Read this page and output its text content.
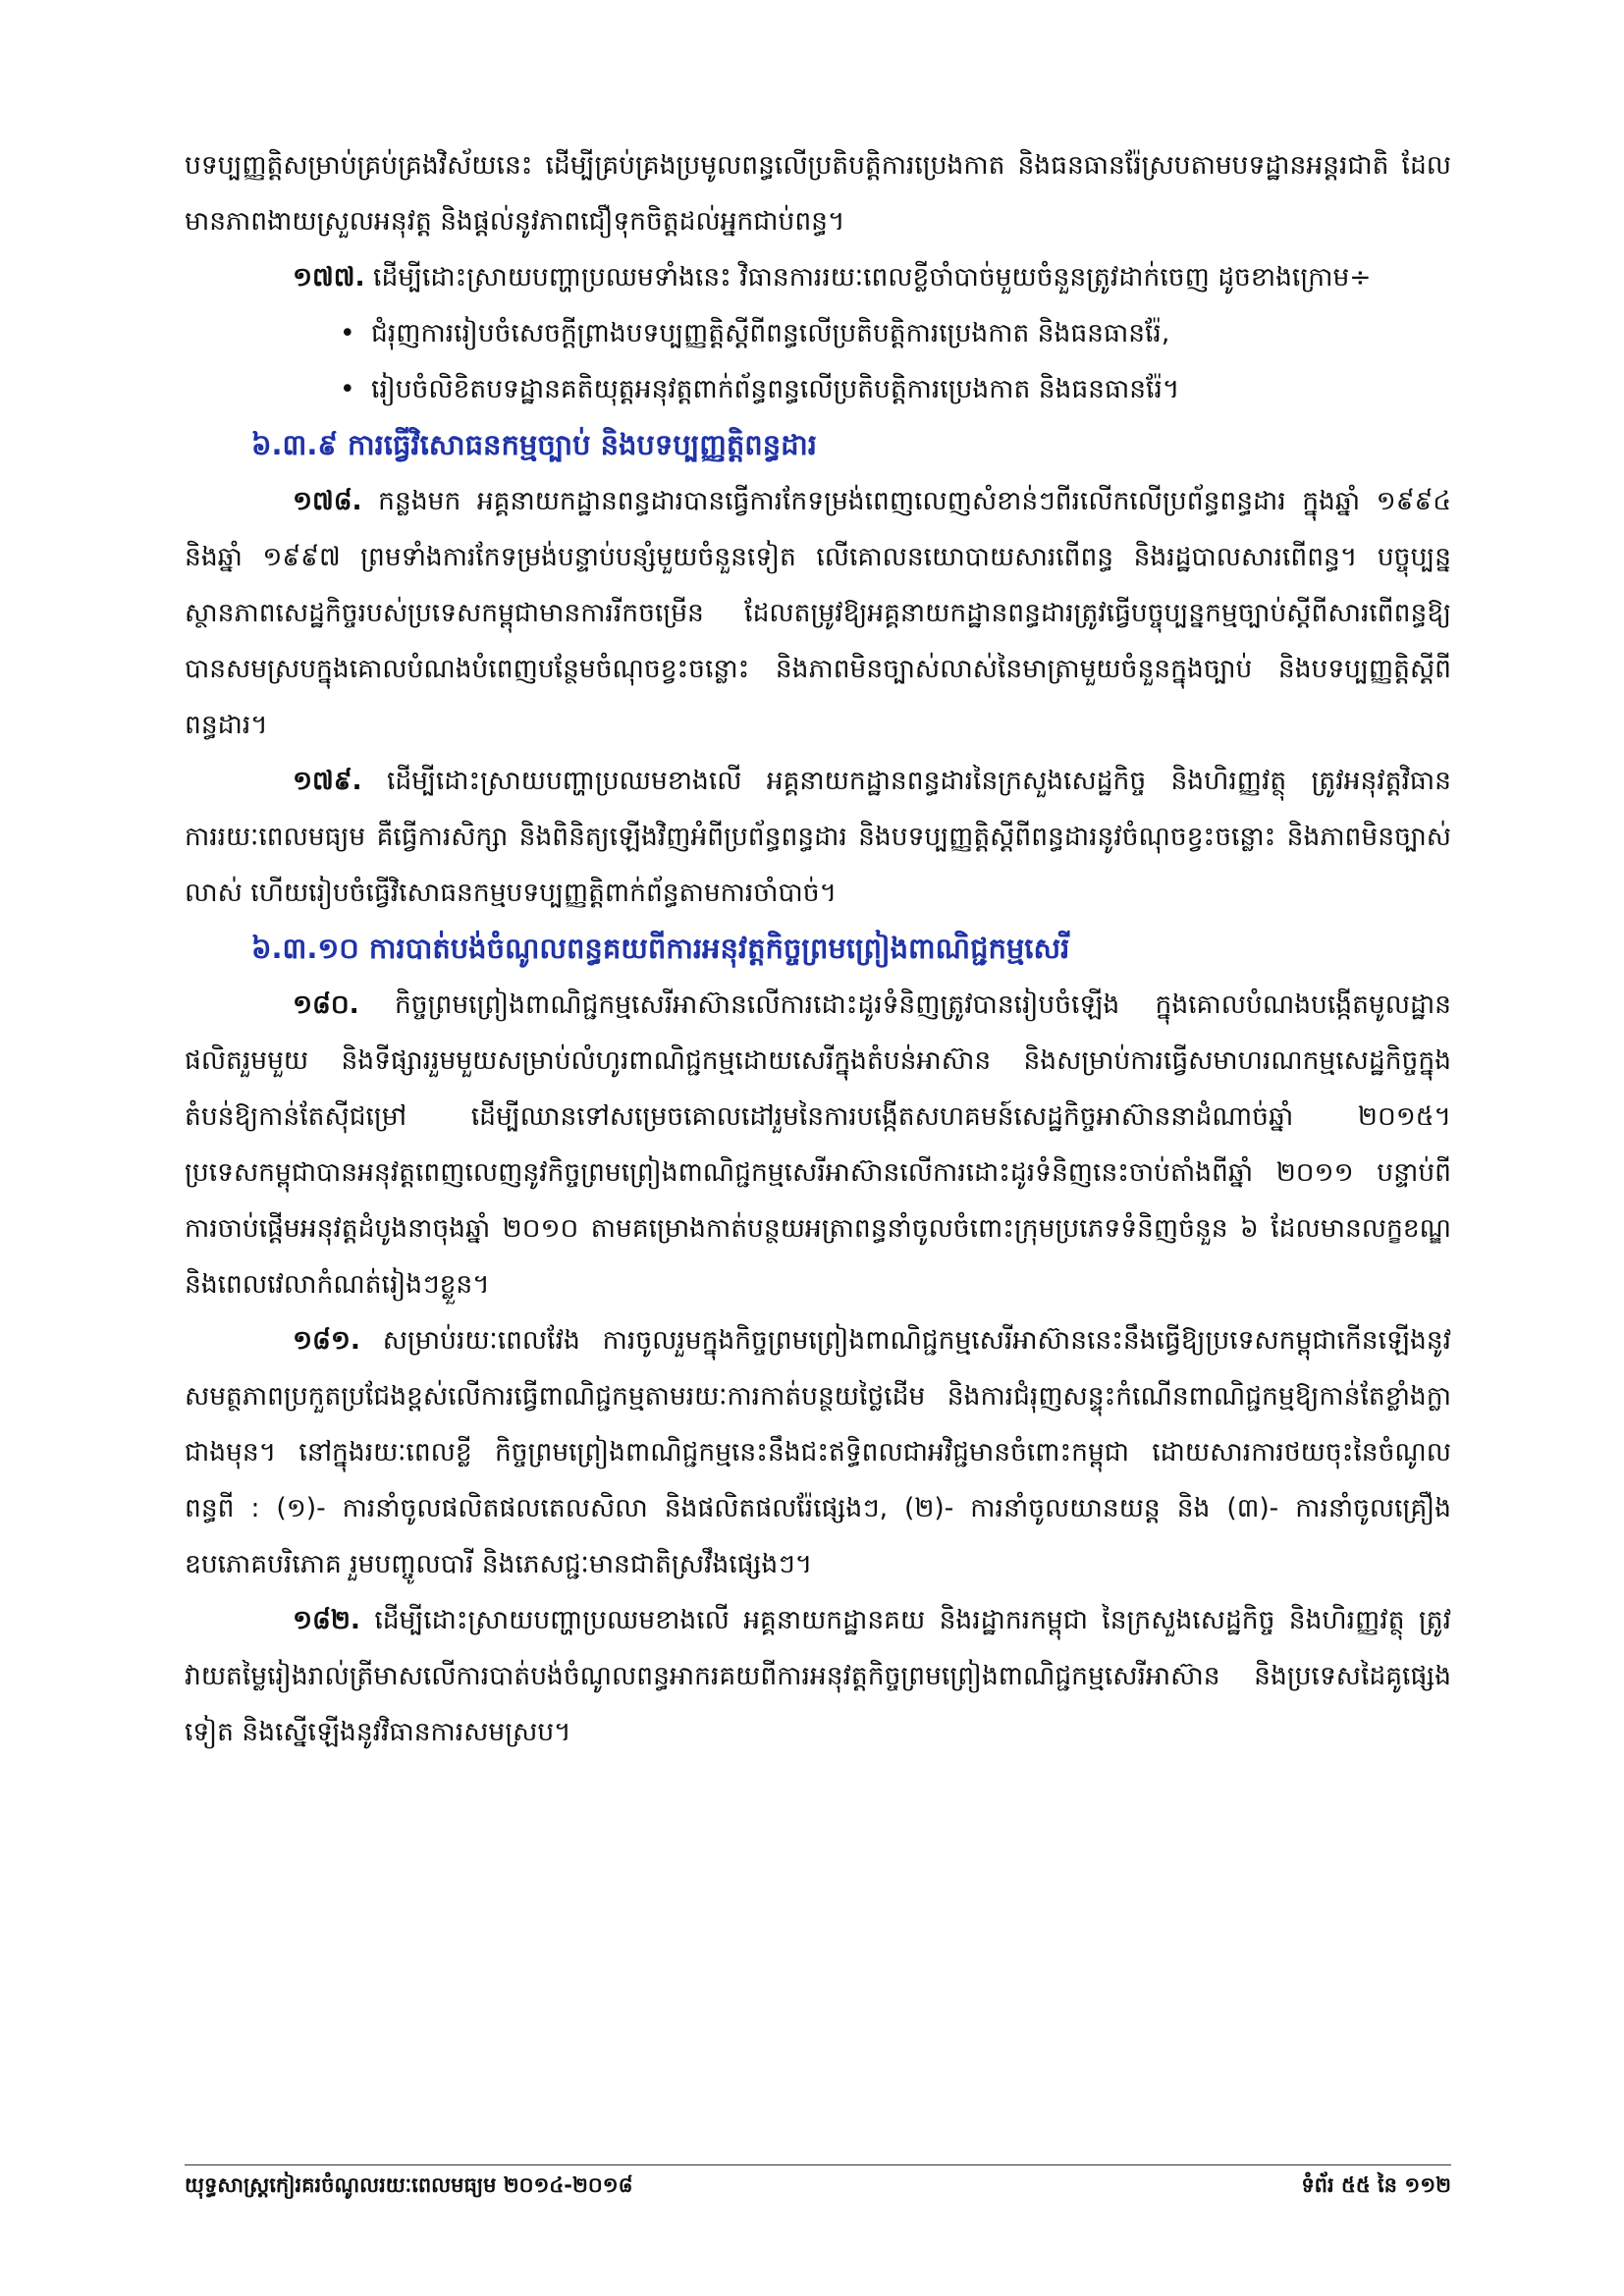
បទប្បញ្ញត្តិសម្រាប់គ្រប់គ្រងវិស័យនេះ ដើម្បីគ្រប់គ្រងប្រមូលពន្ធលើប្រតិបត្តិការប្រេងកាត និងធនធានរ៉ែស្របតាមបទដ្ឋានអន្តរជាតិ ដែលមានភាពងាយស្រួលអនុវត្ត និងផ្តល់នូវភាពជឿទុកចិត្តដល់អ្នកជាប់ពន្ធ។

១៧៧. ដើម្បីដោះស្រាយបញ្ហាប្រឈមទាំងនេះ វិធានការរយៈពេលខ្លីចាំបាច់មួយចំនួនត្រូវដាក់ចេញ ដូចខាងក្រោម÷

• ជំរុញការរៀបចំសេចក្តីព្រាងបទប្បញ្ញត្តិស្តីពីពន្ធលើប្រតិបត្តិការប្រេងកាត និងធនធានរ៉ែ,
• រៀបចំលិខិតបទដ្ឋានគតិយុត្តអនុវត្តពាក់ព័ន្ធពន្ធលើប្រតិបត្តិការប្រេងកាត និងធនធានរ៉ែ។
៦.៣.៩ ការធ្វើវិសោធនកម្មច្បាប់ និងបទប្បញ្ញត្តិពន្ធដារ

១៧៨. កន្លងមក អគ្គនាយកដ្ឋានពន្ធដារបានធ្វើការកែទម្រង់ពេញលេញសំខាន់ៗពីរលើកលើប្រព័ន្ធពន្ធដារ ក្នុងឆ្នាំ ១៩៩៤ និងឆ្នាំ ១៩៩៧ ព្រមទាំងការកែទម្រង់បន្ទាប់បន្សំមួយចំនួនទៀត លើគោលនយោបាយសារពើពន្ធ និងរដ្ឋបាលសារពើពន្ធ។ បច្ចុប្បន្ន ស្ថានភាពសេដ្ឋកិច្ចរបស់ប្រទេសកម្ពុជាមានការរីកចម្រើន ដែលតម្រូវឱ្យអគ្គនាយកដ្ឋានពន្ធដារត្រូវធ្វើបច្ចុប្បន្នកម្មច្បាប់ស្តីពីសារពើពន្ធឱ្យបានសមស្របក្នុងគោលបំណងបំពេញបន្ថែមចំណុចខ្វះចន្លោះ និងភាពមិនច្បាស់លាស់នៃមាត្រាមួយចំនួនក្នុងច្បាប់ និងបទប្បញ្ញត្តិស្តីពីពន្ធដារ។

១៧៩. ដើម្បីដោះស្រាយបញ្ហាប្រឈមខាងលើ អគ្គនាយកដ្ឋានពន្ធដារនៃក្រសួងសេដ្ឋកិច្ច និងហិរញ្ញវត្ថុ ត្រូវអនុវត្តវិធានការរយៈពេលមធ្យម គឺធ្វើការសិក្សា និងពិនិត្យឡើងវិញអំពីប្រព័ន្ធពន្ធដារ និងបទប្បញ្ញត្តិស្តីពីពន្ធដារនូវចំណុចខ្វះចន្លោះ និងភាពមិនច្បាស់លាស់ ហើយរៀបចំធ្វើវិសោធនកម្មបទប្បញ្ញត្តិពាក់ព័ន្ធតាមការចាំបាច់។

៦.៣.១០ ការបាត់បង់ចំណូលពន្ធគយពីការអនុវត្តកិច្ចព្រមព្រៀងពាណិជ្ជកម្មសេរី

១៨០. កិច្ចព្រមព្រៀងពាណិជ្ជកម្មសេរីអាស៊ានលើការដោះដូរទំនិញត្រូវបានរៀបចំឡើង ក្នុងគោលបំណងបង្កើតមូលដ្ឋានផលិតរួមមួយ និងទីផ្សាររួមមួយសម្រាប់លំហូរពាណិជ្ជកម្មដោយសេរីក្នុងតំបន់អាស៊ាន និងសម្រាប់ការធ្វើសមាហរណកម្មសេដ្ឋកិច្ចក្នុងតំបន់ឱ្យកាន់តែស៊ីជម្រៅ ដើម្បីឈានទៅសម្រេចគោលដៅរួមនៃការបង្កើតសហគមន៍សេដ្ឋកិច្ចអាស៊ាននាដំណាច់ឆ្នាំ ២០១៥។ ប្រទេសកម្ពុជាបានអនុវត្តពេញលេញនូវកិច្ចព្រមព្រៀងពាណិជ្ជកម្មសេរីអាស៊ានលើការដោះដូរទំនិញនេះចាប់តាំងពីឆ្នាំ ២០១១ បន្ទាប់ពីការចាប់ផ្តើមអនុវត្តដំបូងនាចុងឆ្នាំ ២០១០ តាមគម្រោងកាត់បន្ថយអត្រាពន្ធនាំចូលចំពោះក្រុមប្រភេទទំនិញចំនួន ៦ ដែលមានលក្ខខណ្ឌ និងពេលវេលាកំណត់រៀងៗខ្លួន។

១៨១. សម្រាប់រយៈពេលវែង ការចូលរួមក្នុងកិច្ចព្រមព្រៀងពាណិជ្ជកម្មសេរីអាស៊ាននេះនឹងធ្វើឱ្យប្រទេសកម្ពុជាកើនឡើងនូវសមត្ថភាពប្រកួតប្រជែងខ្ពស់លើការធ្វើពាណិជ្ជកម្មតាមរយៈការកាត់បន្ថយថ្លៃដើម និងការជំរុញសន្ទុះកំណើនពាណិជ្ជកម្មឱ្យកាន់តែខ្លាំងក្លាជាងមុន។ នៅក្នុងរយៈពេលខ្លី កិច្ចព្រមព្រៀងពាណិជ្ជកម្មនេះនឹងជះឥទ្ធិពលជាអវិជ្ជមានចំពោះកម្ពុជា ដោយសារការថយចុះនៃចំណូលពន្ធពី : (១)- ការនាំចូលផលិតផលតេលសិលា និងផលិតផលរ៉ែផ្សេងៗ, (២)- ការនាំចូលយានយន្ត និង (៣)- ការនាំចូលគ្រឿងឧបភោគបរិភោគ រួមបញ្ចូលបារី និងភេសជ្ជៈមានជាតិស្រវឹងផ្សេងៗ។

១៨២. ដើម្បីដោះស្រាយបញ្ហាប្រឈមខាងលើ អគ្គនាយកដ្ឋានគយ និងរដ្ឋាករកម្ពុជា នៃក្រសួងសេដ្ឋកិច្ច និងហិរញ្ញវត្ថុ ត្រូវវាយតម្លៃរៀងរាល់ត្រីមាសលើការបាត់បង់ចំណូលពន្ធអាករគយពីការអនុវត្តកិច្ចព្រមព្រៀងពាណិជ្ជកម្មសេរីអាស៊ាន និងប្រទេសដៃគូផ្សេងទៀត និងស្នើឡើងនូវវិធានការសមស្រប។

យុទ្ធសាស្ត្រកៀរគរចំណូលរយៈពេលមធ្យម ២០១៤-២០១៨	ទំព័រ ៥៥ នៃ ១១២
